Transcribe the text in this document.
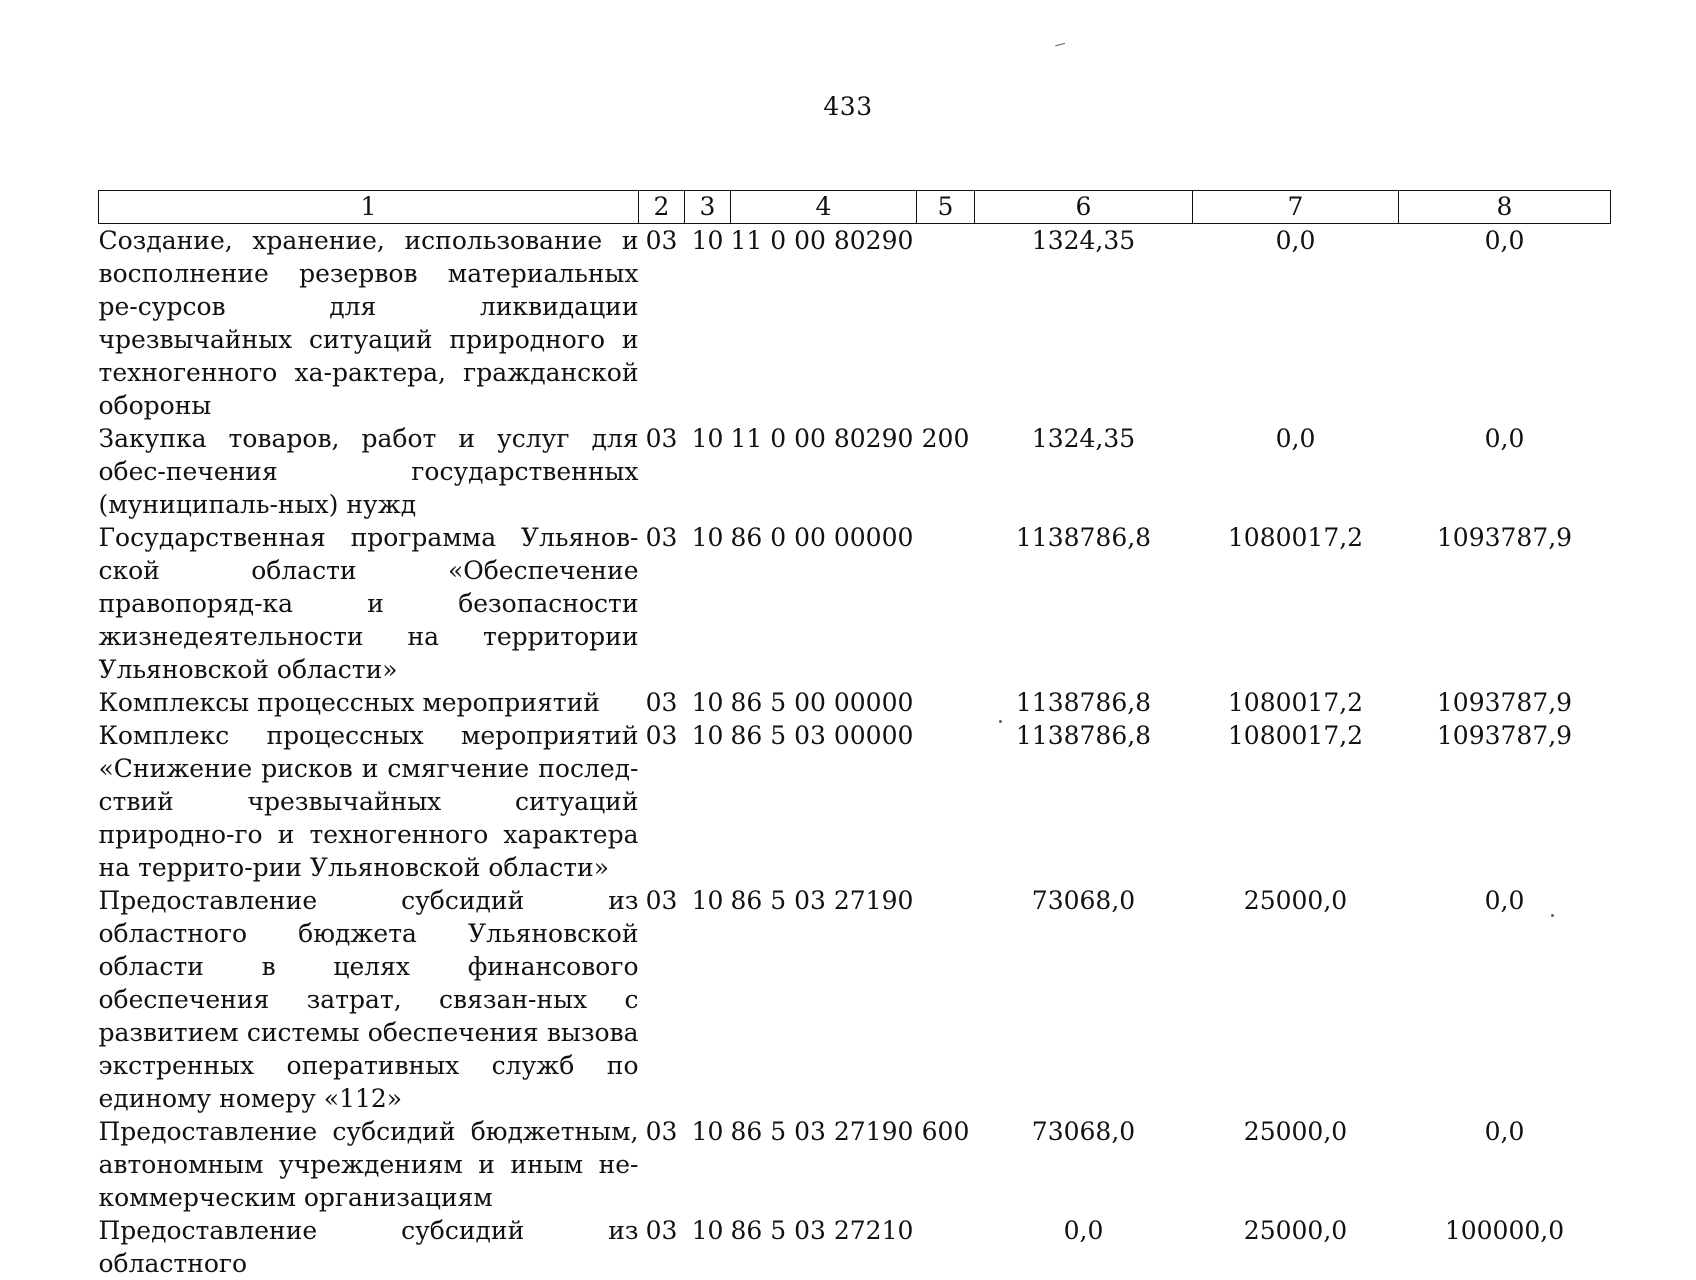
433
1	2	3	4	5	6	7	8
Создание, хранение, использование и восполнение резервов материальных ре-сурсов для ликвидации чрезвычайных ситуаций природного и техногенного ха-рактера, гражданской обороны	03	10	11 0 00 80290		1324,35	0,0	0,0
Закупка товаров, работ и услуг для обес-печения государственных (муниципаль-ных) нужд	03	10	11 0 00 80290	200	1324,35	0,0	0,0
Государственная программа Ульянов-ской области «Обеспечение правопоряд-ка и безопасности жизнедеятельности на территории Ульяновской области»	03	10	86 0 00 00000		1138786,8	1080017,2	1093787,9
Комплексы процессных мероприятий	03	10	86 5 00 00000		1138786,8	1080017,2	1093787,9
Комплекс процессных мероприятий «Снижение рисков и смягчение послед-ствий чрезвычайных ситуаций природно-го и техногенного характера на террито-рии Ульяновской области»	03	10	86 5 03 00000		1138786,8	1080017,2	1093787,9
Предоставление субсидий из областного бюджета Ульяновской области в целях финансового обеспечения затрат, связан-ных с развитием системы обеспечения вызова экстренных оперативных служб по единому номеру «112»	03	10	86 5 03 27190		73068,0	25000,0	0,0
Предоставление субсидий бюджетным, автономным учреждениям и иным не-коммерческим организациям	03	10	86 5 03 27190	600	73068,0	25000,0	0,0
Предоставление субсидий из областного	03	10	86 5 03 27210		0,0	25000,0	100000,0
